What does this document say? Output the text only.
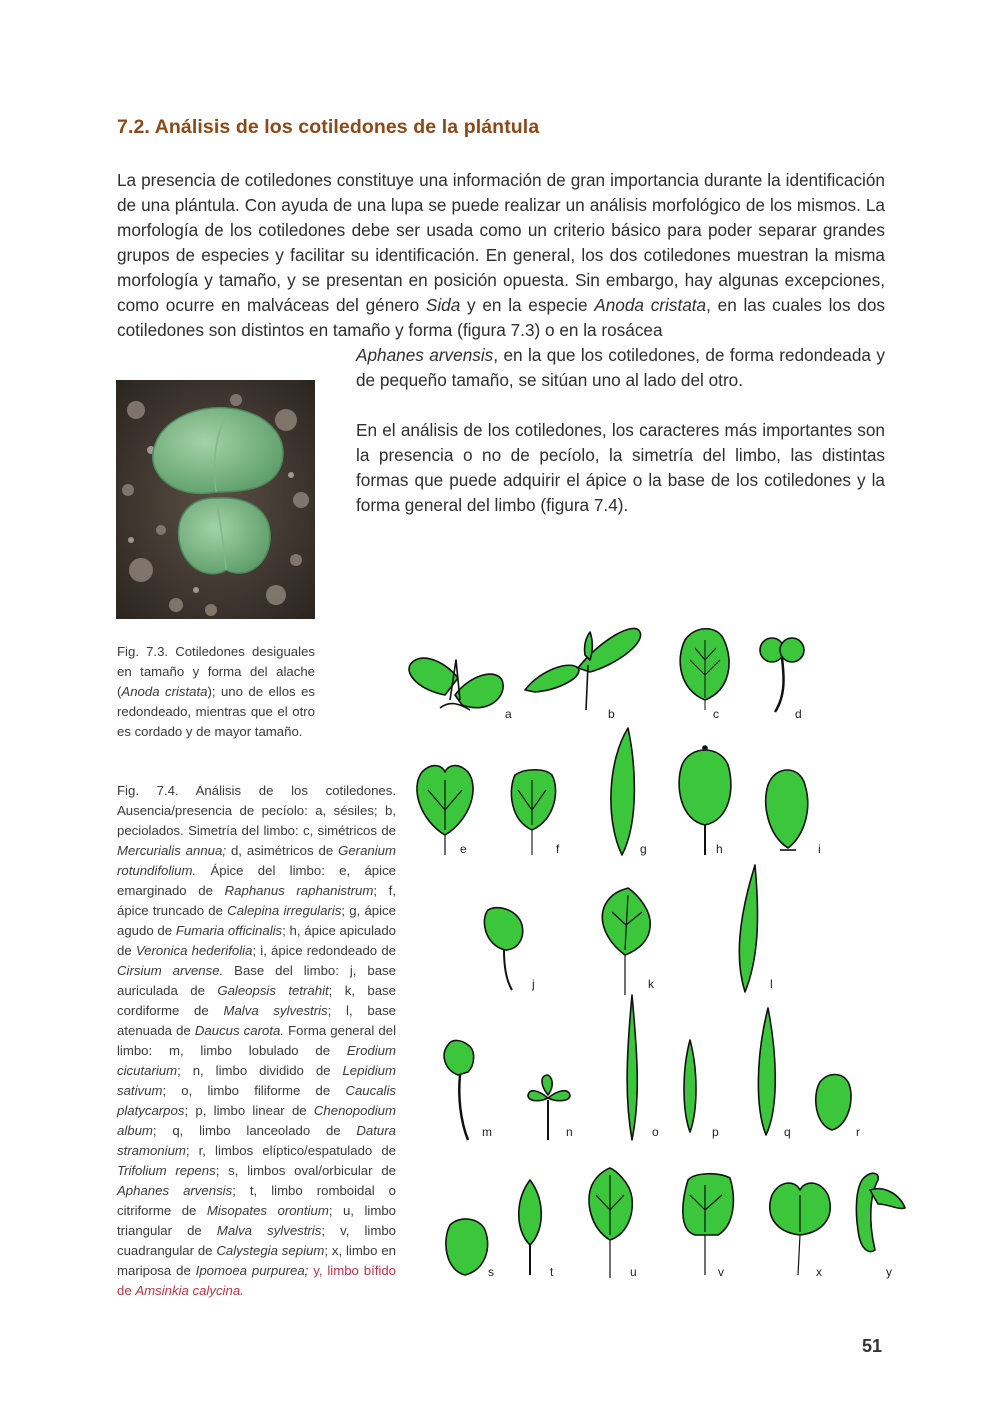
7.2. Análisis de los cotiledones de la plántula
La presencia de cotiledones constituye una información de gran importancia durante la identificación de una plántula. Con ayuda de una lupa se puede realizar un análisis morfológico de los mismos. La morfología de los cotiledones debe ser usada como un criterio básico para poder separar grandes grupos de especies y facilitar su identificación. En general, los dos cotiledones muestran la misma morfología y tamaño, y se presentan en posición opuesta. Sin embargo, hay algunas excepciones, como ocurre en malváceas del género Sida y en la especie Anoda cristata, en las cuales los dos cotiledones son distintos en tamaño y forma (figura 7.3) o en la rosácea
Aphanes arvensis, en la que los cotiledones, de forma redondeada y de pequeño tamaño, se sitúan uno al lado del otro.
En el análisis de los cotiledones, los caracteres más importantes son la presencia o no de pecíolo, la simetría del limbo, las distintas formas que puede adquirir el ápice o la base de los cotiledones y la forma general del limbo (figura 7.4).
Fig. 7.3. Cotiledones desiguales en tamaño y forma del alache (Anoda cristata); uno de ellos es redondeado, mientras que el otro es cordado y de mayor tamaño.
Fig. 7.4. Análisis de los cotiledones. Ausencia/presencia de pecíolo: a, sésiles; b, peciolados. Simetría del limbo: c, simétricos de Mercurialis annua; d, asimétricos de Geranium rotundifolium. Ápice del limbo: e, ápice emarginado de Raphanus raphanistrum; f, ápice truncado de Calepina irregularis; g, ápice agudo de Fumaria officinalis; h, ápice apiculado de Veronica hederifolia; i, ápice redondeado de Cirsium arvense. Base del limbo: j, base auriculada de Galeopsis tetrahit; k, base cordiforme de Malva sylvestris; l, base atenuada de Daucus carota. Forma general del limbo: m, limbo lobulado de Erodium cicutarium; n, limbo dividido de Lepidium sativum; o, limbo filiforme de Caucalis platycarpos; p, limbo linear de Chenopodium album; q, limbo lanceolado de Datura stramonium; r, limbos elíptico/espatulado de Trifolium repens; s, limbos oval/orbicular de Aphanes arvensis; t, limbo romboidal o citriforme de Misopates orontium; u, limbo triangular de Malva sylvestris; v, limbo cuadrangular de Calystegia sepium; x, limbo en mariposa de Ipomoea purpurea; y, limbo bífido de Amsinkia calycina.
a	b	c	d
e	f	g	h	i
j	k	l
m	n	o	p	q	r
s	t	u	v	x	y
51
